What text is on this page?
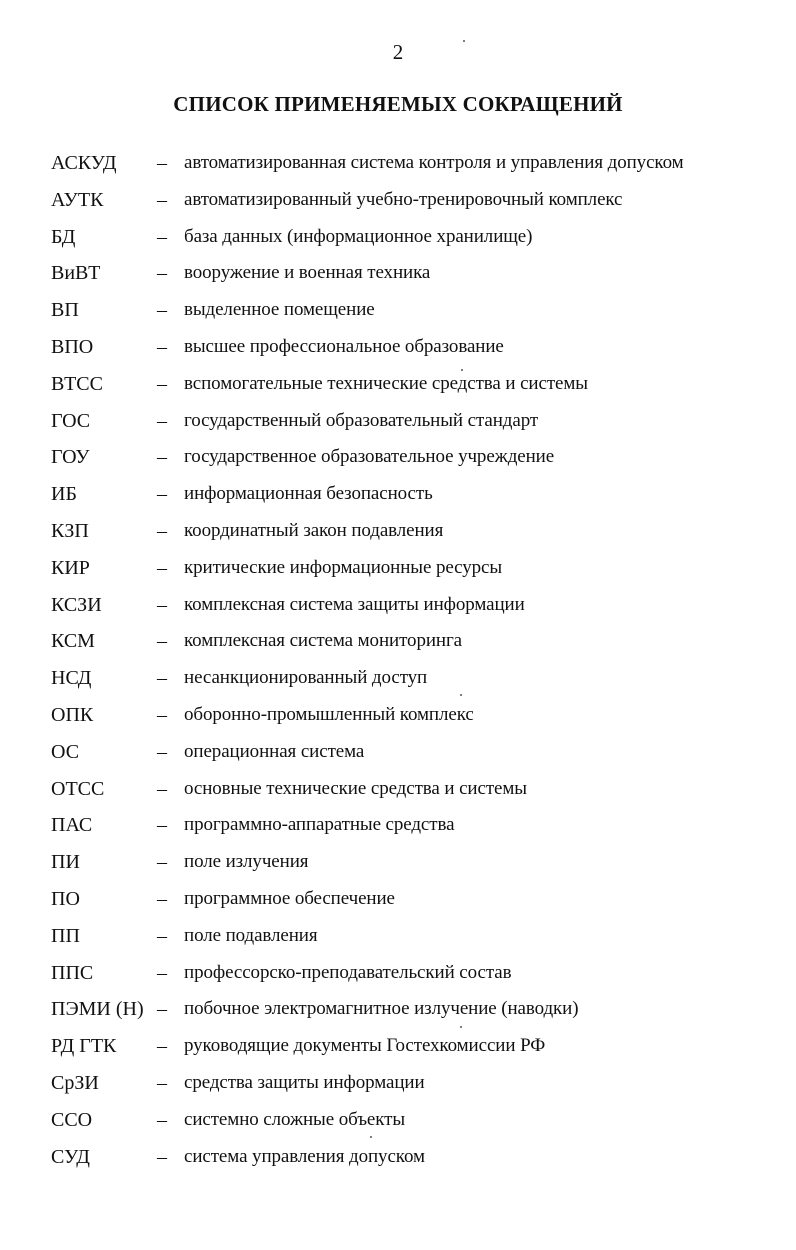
2
СПИСОК ПРИМЕНЯЕМЫХ СОКРАЩЕНИЙ
АСКУД – автоматизированная система контроля и управления допуском
АУТК	– автоматизированный учебно-тренировочный комплекс
БД	– база данных (информационное хранилище)
ВиВТ	– вооружение и военная техника
ВП	– выделенное помещение
ВПО	– высшее профессиональное образование
ВТСС	– вспомогательные технические средства и системы
ГОС	– государственный образовательный стандарт
ГОУ	– государственное образовательное учреждение
ИБ	– информационная безопасность
КЗП	– координатный закон подавления
КИР	– критические информационные ресурсы
КСЗИ	– комплексная система защиты информации
КСМ	– комплексная система мониторинга
НСД	– несанкционированный доступ
ОПК	– оборонно-промышленный комплекс
ОС	– операционная система
ОТСС	– основные технические средства и системы
ПАС	– программно-аппаратные средства
ПИ	– поле излучения
ПО	– программное обеспечение
ПП	– поле подавления
ППС	– профессорско-преподавательский состав
ПЭМИ (Н) – побочное электромагнитное излучение (наводки)
РД ГТК – руководящие документы Гостехкомиссии РФ
СрЗИ	– средства защиты информации
ССО	– системно сложные объекты
СУД	– система управления допуском
